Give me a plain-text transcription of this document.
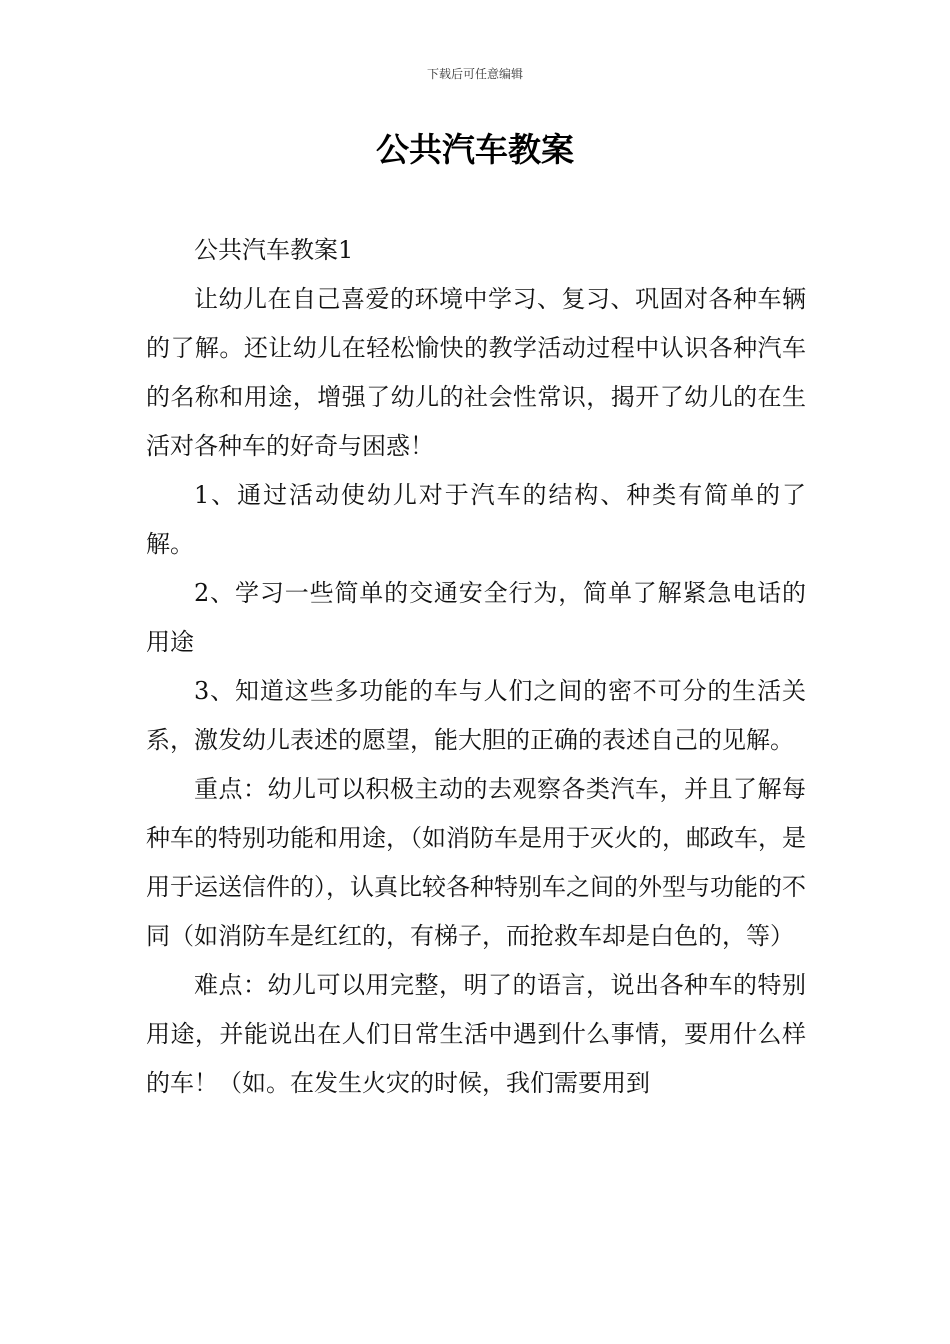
下载后可任意编辑
公共汽车教案

公共汽车教案1

让幼儿在自己喜爱的环境中学习、复习、巩固对各种车辆的了解。还让幼儿在轻松愉快的教学活动过程中认识各种汽车的名称和用途，增强了幼儿的社会性常识，揭开了幼儿的在生活对各种车的好奇与困惑！

1、通过活动使幼儿对于汽车的结构、种类有简单的了解。

2、学习一些简单的交通安全行为，简单了解紧急电话的用途

3、知道这些多功能的车与人们之间的密不可分的生活关系，激发幼儿表述的愿望，能大胆的正确的表述自己的见解。

重点：幼儿可以积极主动的去观察各类汽车，并且了解每种车的特别功能和用途，（如消防车是用于灭火的，邮政车，是用于运送信件的），认真比较各种特别车之间的外型与功能的不同（如消防车是红红的，有梯子，而抢救车却是白色的，等）

难点：幼儿可以用完整，明了的语言，说出各种车的特别用途，并能说出在人们日常生活中遇到什么事情，要用什么样的车！（如。在发生火灾的时候，我们需要用到
